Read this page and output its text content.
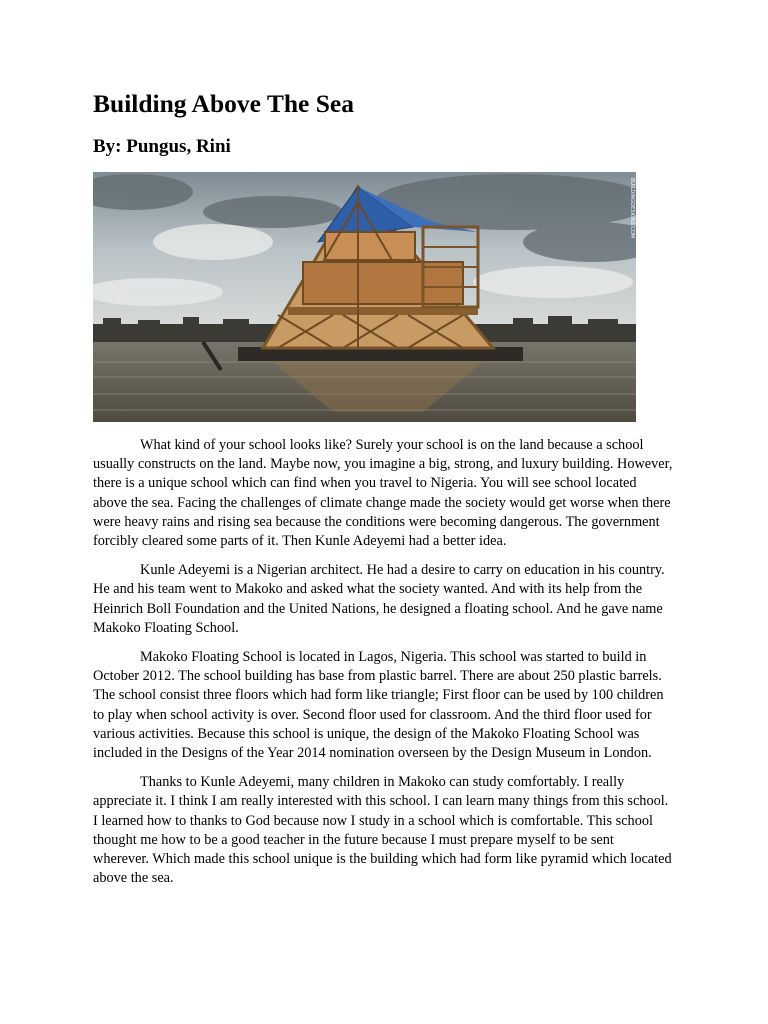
Building Above The Sea
By: Pungus, Rini
BUILDINGDESIGNS.COM

What kind of your school looks like? Surely your school is on the land because a school usually constructs on the land. Maybe now, you imagine a big, strong, and luxury building. However, there is a unique school which can find when you travel to Nigeria. You will see school located above the sea. Facing the challenges of climate change made the society would get worse when there were heavy rains and rising sea because the conditions were becoming dangerous. The government forcibly cleared some parts of it. Then Kunle Adeyemi had a better idea.

Kunle Adeyemi is a Nigerian architect. He had a desire to carry on education in his country. He and his team went to Makoko and asked what the society wanted. And with its help from the Heinrich Boll Foundation and the United Nations, he designed a floating school. And he gave name Makoko Floating School.

Makoko Floating School is located in Lagos, Nigeria. This school was started to build in October 2012. The school building has base from plastic barrel. There are about 250 plastic barrels. The school consist three floors which had form like triangle; First floor can be used by 100 children to play when school activity is over. Second floor used for classroom. And the third floor used for various activities. Because this school is unique, the design of the Makoko Floating School was included in the Designs of the Year 2014 nomination overseen by the Design Museum in London.

Thanks to Kunle Adeyemi, many children in Makoko can study comfortably. I really appreciate it. I think I am really interested with this school. I can learn many things from this school. I learned how to thanks to God because now I study in a school which is comfortable. This school thought me how to be a good teacher in the future because I must prepare myself to be sent wherever. Which made this school unique is the building which had form like pyramid which located above the sea.
